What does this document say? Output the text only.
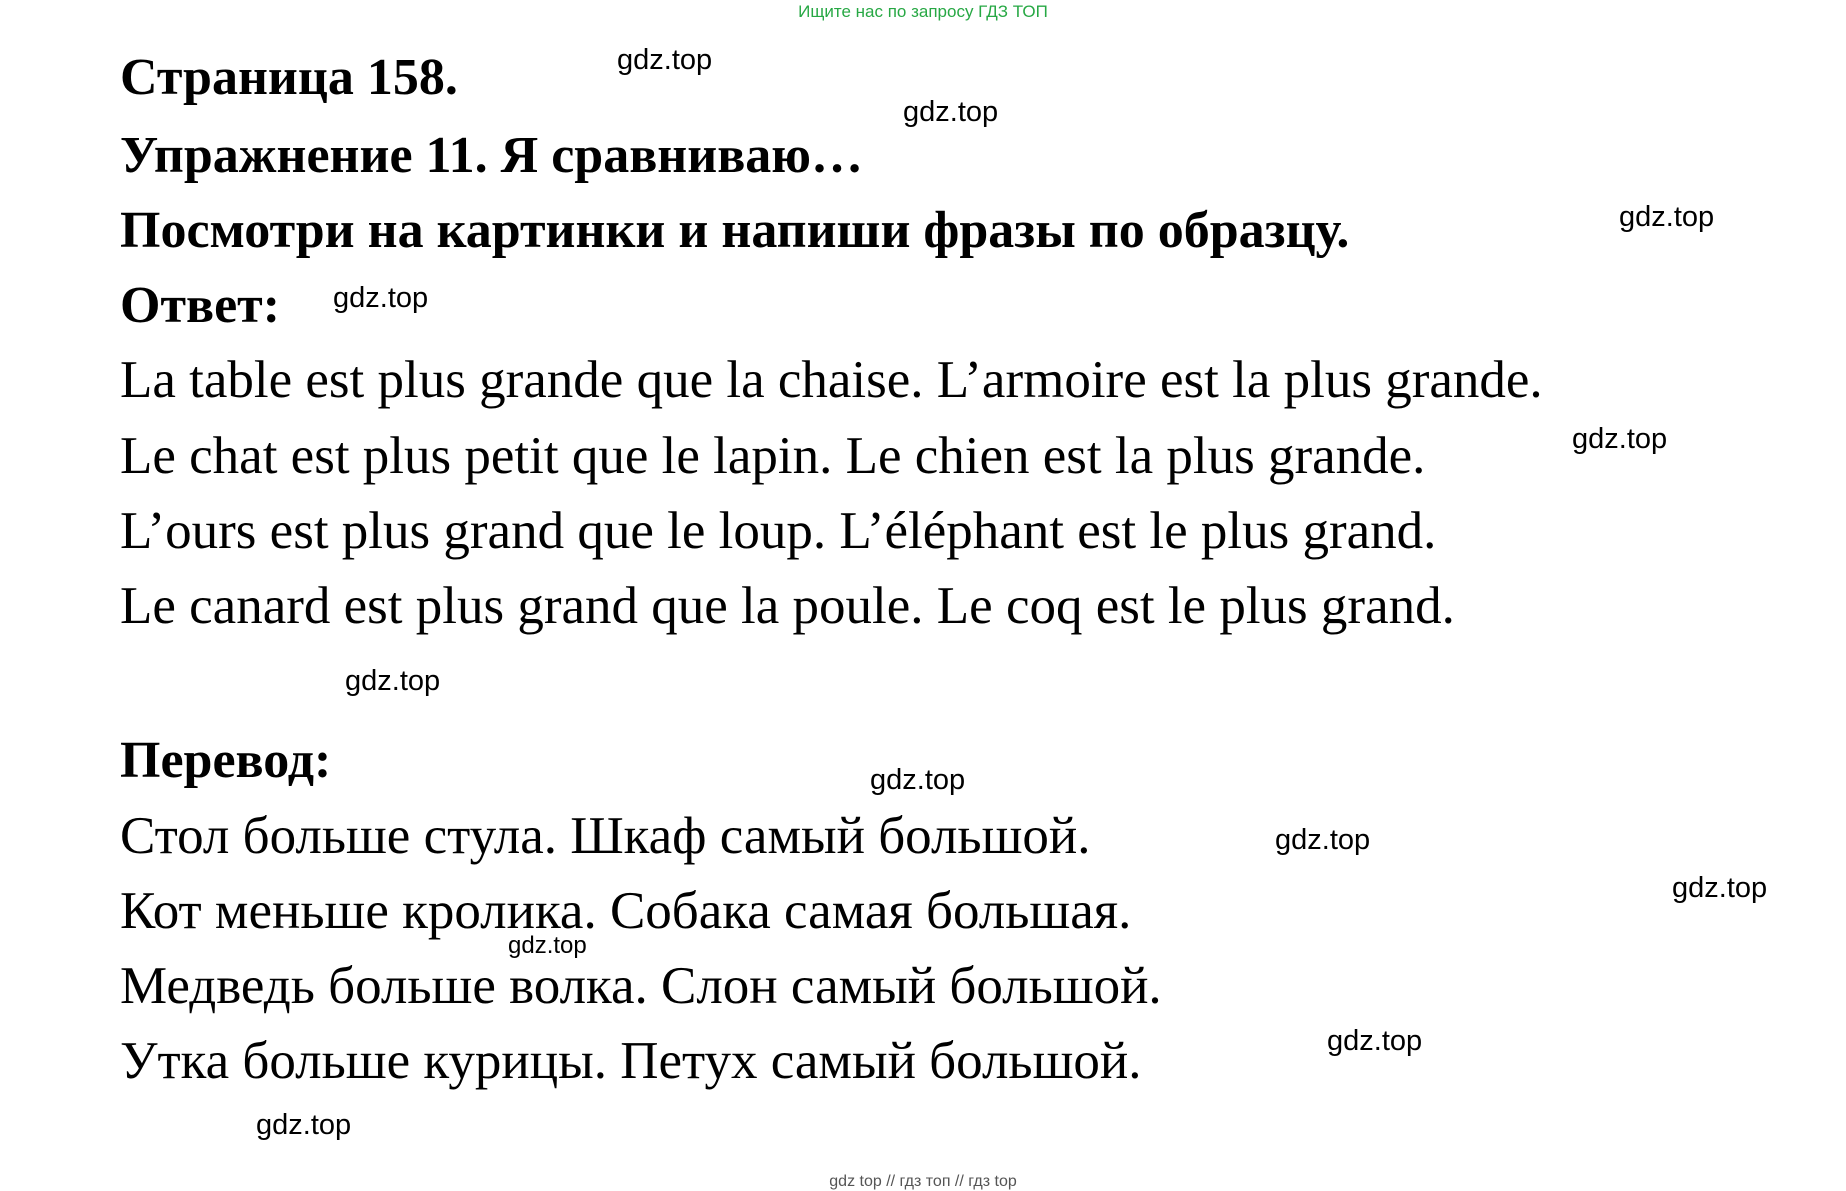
Ищите нас по запросу ГДЗ ТОП
Страница 158.
Упражнение 11. Я сравниваю…
Посмотри на картинки и напиши фразы по образцу.
Ответ:
La table est plus grande que la chaise. L’armoire est la plus grande.
Le chat est plus petit que le lapin. Le chien est la plus grande.
L’ours est plus grand que le loup. L’éléphant est le plus grand.
Le canard est plus grand que la poule. Le coq est le plus grand.
Перевод:
Стол больше стула. Шкаф самый большой.
Кот меньше кролика. Собака самая большая.
Медведь больше волка. Слон самый большой.
Утка больше курицы. Петух самый большой.
gdz.top
gdz.top
gdz.top
gdz.top
gdz.top
gdz.top
gdz.top
gdz.top
gdz.top
gdz.top
gdz.top
gdz.top
gdz top // гдз топ // гдз top
